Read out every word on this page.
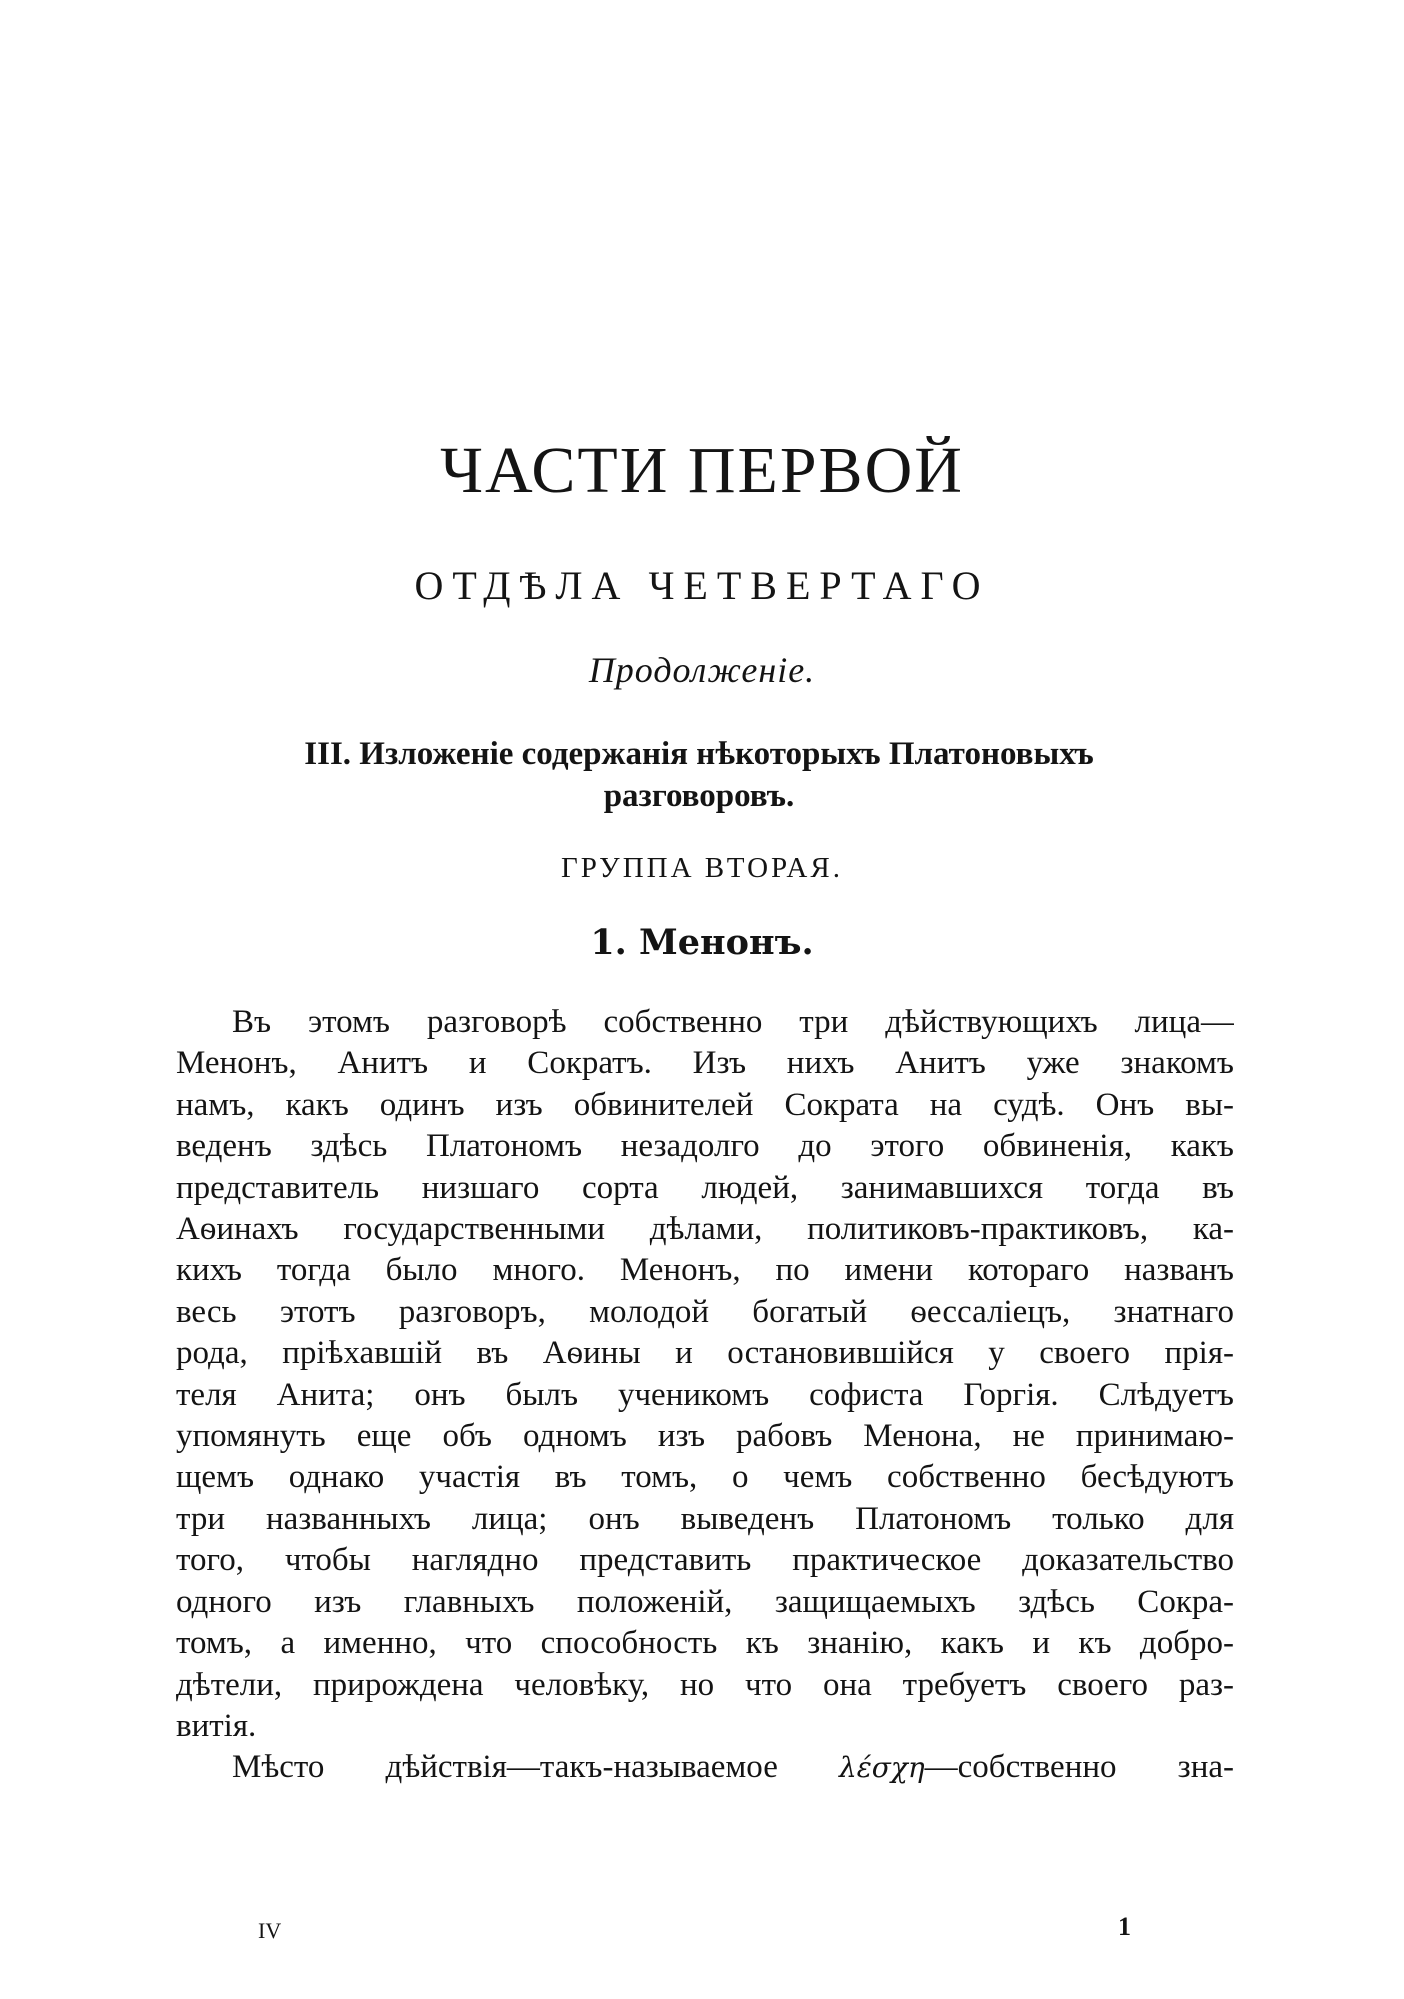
ЧАСТИ ПЕРВОЙ
ОТДѢЛА ЧЕТВЕРТАГО
Продолженіе.
III. Изложеніе содержанія нѣкоторыхъ Платоновыхъ
разговоровъ.
ГРУППА ВТОРАЯ.
1. Менонъ.
Въ этомъ разговорѣ собственно три дѣйствующихъ лица—
Менонъ, Анитъ и Сократъ. Изъ нихъ Анитъ уже знакомъ
намъ, какъ одинъ изъ обвинителей Сократа на судѣ. Онъ вы-
веденъ здѣсь Платономъ незадолго до этого обвиненія, какъ
представитель низшаго сорта людей, занимавшихся тогда въ
Аѳинахъ государственными дѣлами, политиковъ-практиковъ, ка-
кихъ тогда было много. Менонъ, по имени котораго названъ
весь этотъ разговоръ, молодой богатый ѳессаліецъ, знатнаго
рода, пріѣхавшій въ Аѳины и остановившійся у своего прія-
теля Анита; онъ былъ ученикомъ софиста Горгія. Слѣдуетъ
упомянуть еще объ одномъ изъ рабовъ Менона, не принимаю-
щемъ однако участія въ томъ, о чемъ собственно бесѣдуютъ
три названныхъ лица; онъ выведенъ Платономъ только для
того, чтобы наглядно представить практическое доказательство
одного изъ главныхъ положеній, защищаемыхъ здѣсь Сокра-
томъ, а именно, что способность къ знанію, какъ и къ добро-
дѣтели, прирождена человѣку, но что она требуетъ своего раз-
витія.
Мѣсто дѣйствія—такъ-называемое λέσχη—собственно зна-
IV	1
